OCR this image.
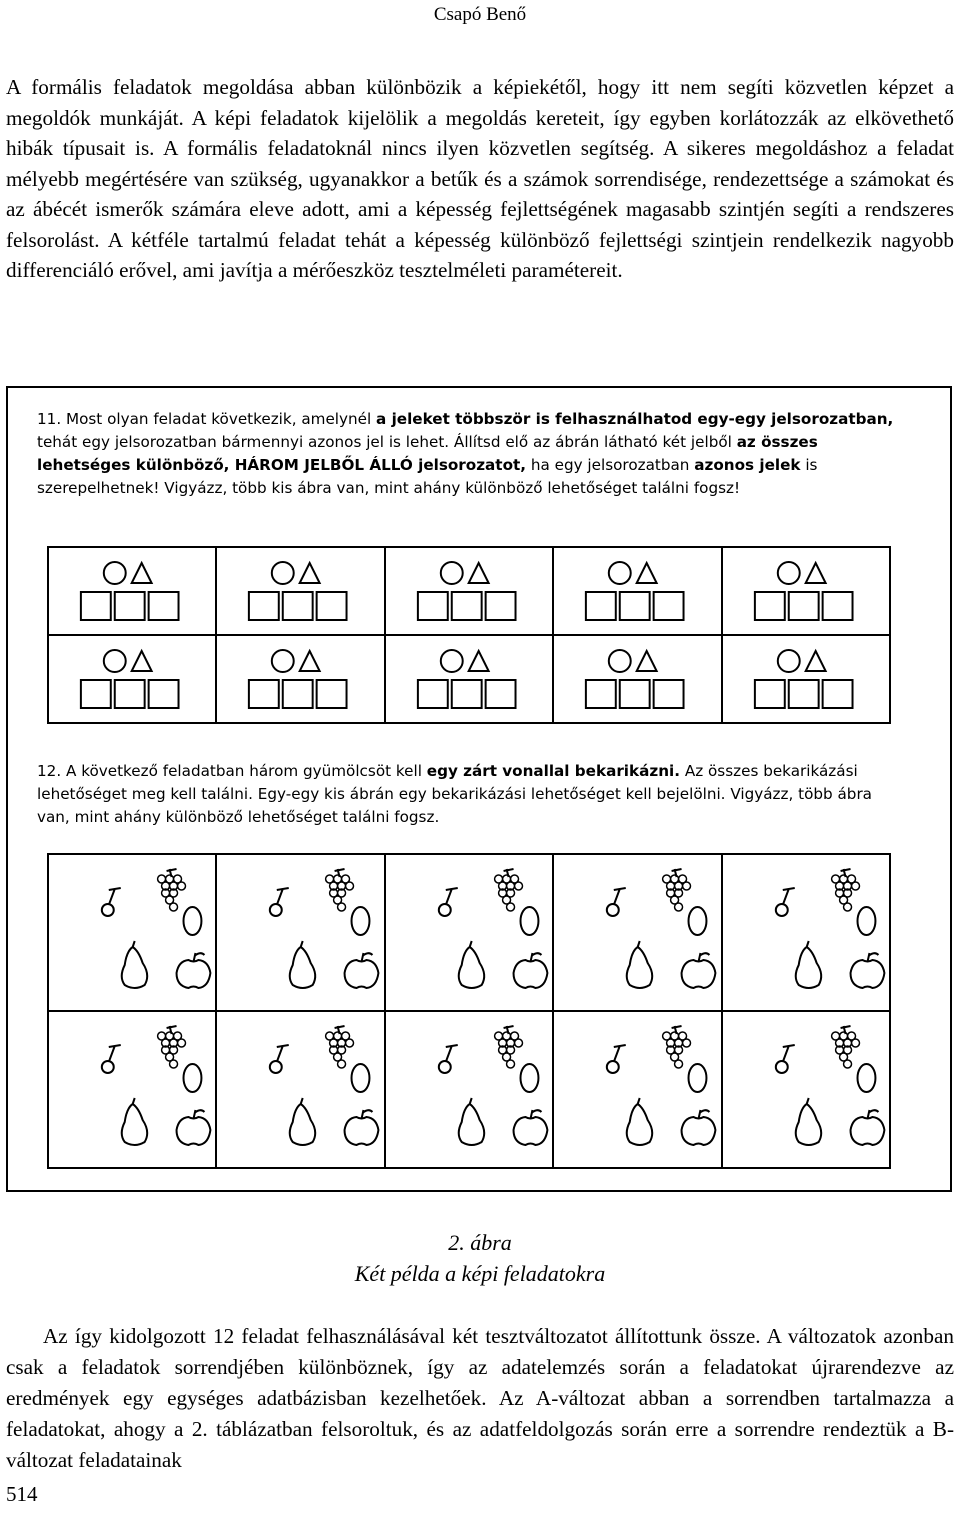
Csapó Benő

A formális feladatok megoldása abban különbözik a képiekétől, hogy itt nem segíti közvetlen képzet a megoldók munkáját. A képi feladatok kijelölik a megoldás kereteit, így egyben korlátozzák az elkövethető hibák típusait is. A formális feladatoknál nincs ilyen közvetlen segítség. A sikeres megoldáshoz a feladat mélyebb megértésére van szükség, ugyanakkor a betűk és a számok sorrendisége, rendezettsége a számokat és az ábécét ismerők számára eleve adott, ami a képesség fejlettségének magasabb szintjén segíti a rendszeres felsorolást. A kétféle tartalmú feladat tehát a képesség különböző fejlettségi szintjein rendelkezik nagyobb differenciáló erővel, ami javítja a mérőeszköz tesztelméleti paramétereit.

11. Most olyan feladat következik, amelynél a jeleket többször is felhasználhatod egy-egy jelsorozatban, tehát egy jelsorozatban bármennyi azonos jel is lehet. Állítsd elő az ábrán látható két jelből az összes lehetséges különböző, HÁROM JELBŐL ÁLLÓ jelsorozatot, ha egy jelsorozatban azonos jelek is szerepelhetnek! Vigyázz, több kis ábra van, mint ahány különböző lehetőséget találni fogsz!

12. A következő feladatban három gyümölcsöt kell egy zárt vonallal bekarikázni. Az összes bekarikázási lehetőséget meg kell találni. Egy-egy kis ábrán egy bekarikázási lehetőséget kell bejelölni. Vigyázz, több ábra van, mint ahány különböző lehetőséget találni fogsz.

2. ábra
Két példa a képi feladatokra

Az így kidolgozott 12 feladat felhasználásával két tesztváltozatot állítottunk össze. A változatok azonban csak a feladatok sorrendjében különböznek, így az adatelemzés során a feladatokat újrarendezve az eredmények egy egységes adatbázisban kezelhetőek. Az A-változat abban a sorrendben tartalmazza a feladatokat, ahogy a 2. táblázatban felsoroltuk, és az adatfeldolgozás során erre a sorrendre rendeztük a B-változat feladatainak

514
